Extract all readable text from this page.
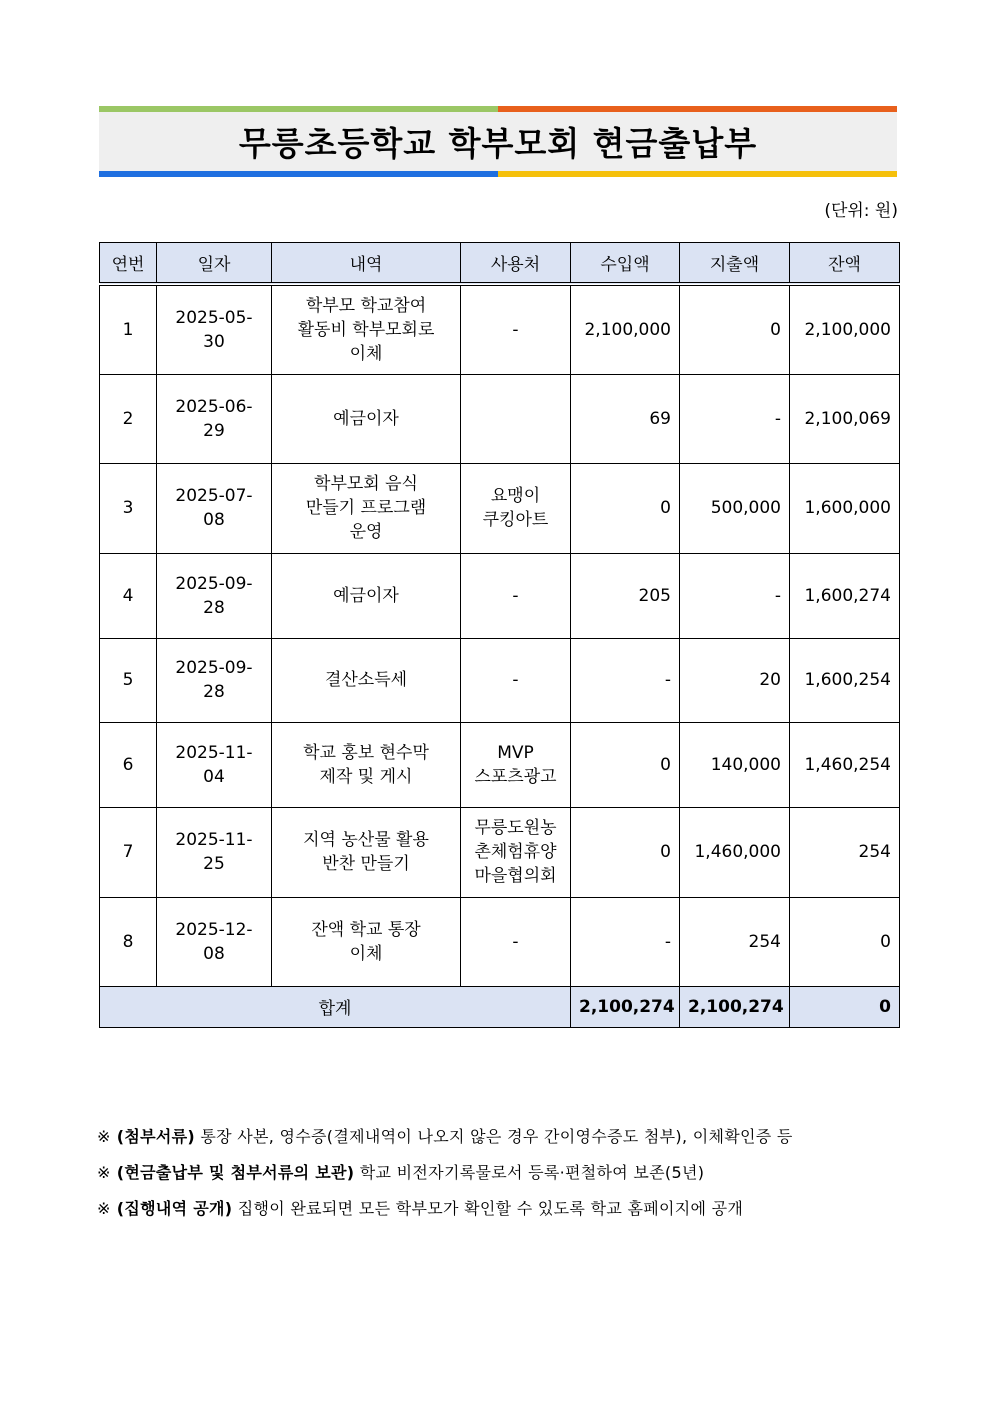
무릉초등학교 학부모회 현금출납부
(단위: 원)
연번	일자	내역	사용처	수입액	지출액	잔액
1	2025-05-30	학부모 학교참여
활동비 학부모회로
이체	-	2,100,000	0	2,100,000
2	2025-06-29	예금이자		69	-	2,100,069
3	2025-07-08	학부모회 음식
만들기 프로그램
운영	요맹이
쿠킹아트	0	500,000	1,600,000
4	2025-09-28	예금이자	-	205	-	1,600,274
5	2025-09-28	결산소득세	-	-	20	1,600,254
6	2025-11-04	학교 홍보 현수막
제작 및 게시	MVP
스포츠광고	0	140,000	1,460,254
7	2025-11-25	지역 농산물 활용
반찬 만들기	무릉도원농
촌체험휴양
마을협의회	0	1,460,000	254
8	2025-12-08	잔액 학교 통장
이체	-	-	254	0
합계				2,100,274	2,100,274	0
※ (첨부서류) 통장 사본, 영수증(결제내역이 나오지 않은 경우 간이영수증도 첨부), 이체확인증 등
※ (현금출납부 및 첨부서류의 보관) 학교 비전자기록물로서 등록·편철하여 보존(5년)
※ (집행내역 공개) 집행이 완료되면 모든 학부모가 확인할 수 있도록 학교 홈페이지에 공개
